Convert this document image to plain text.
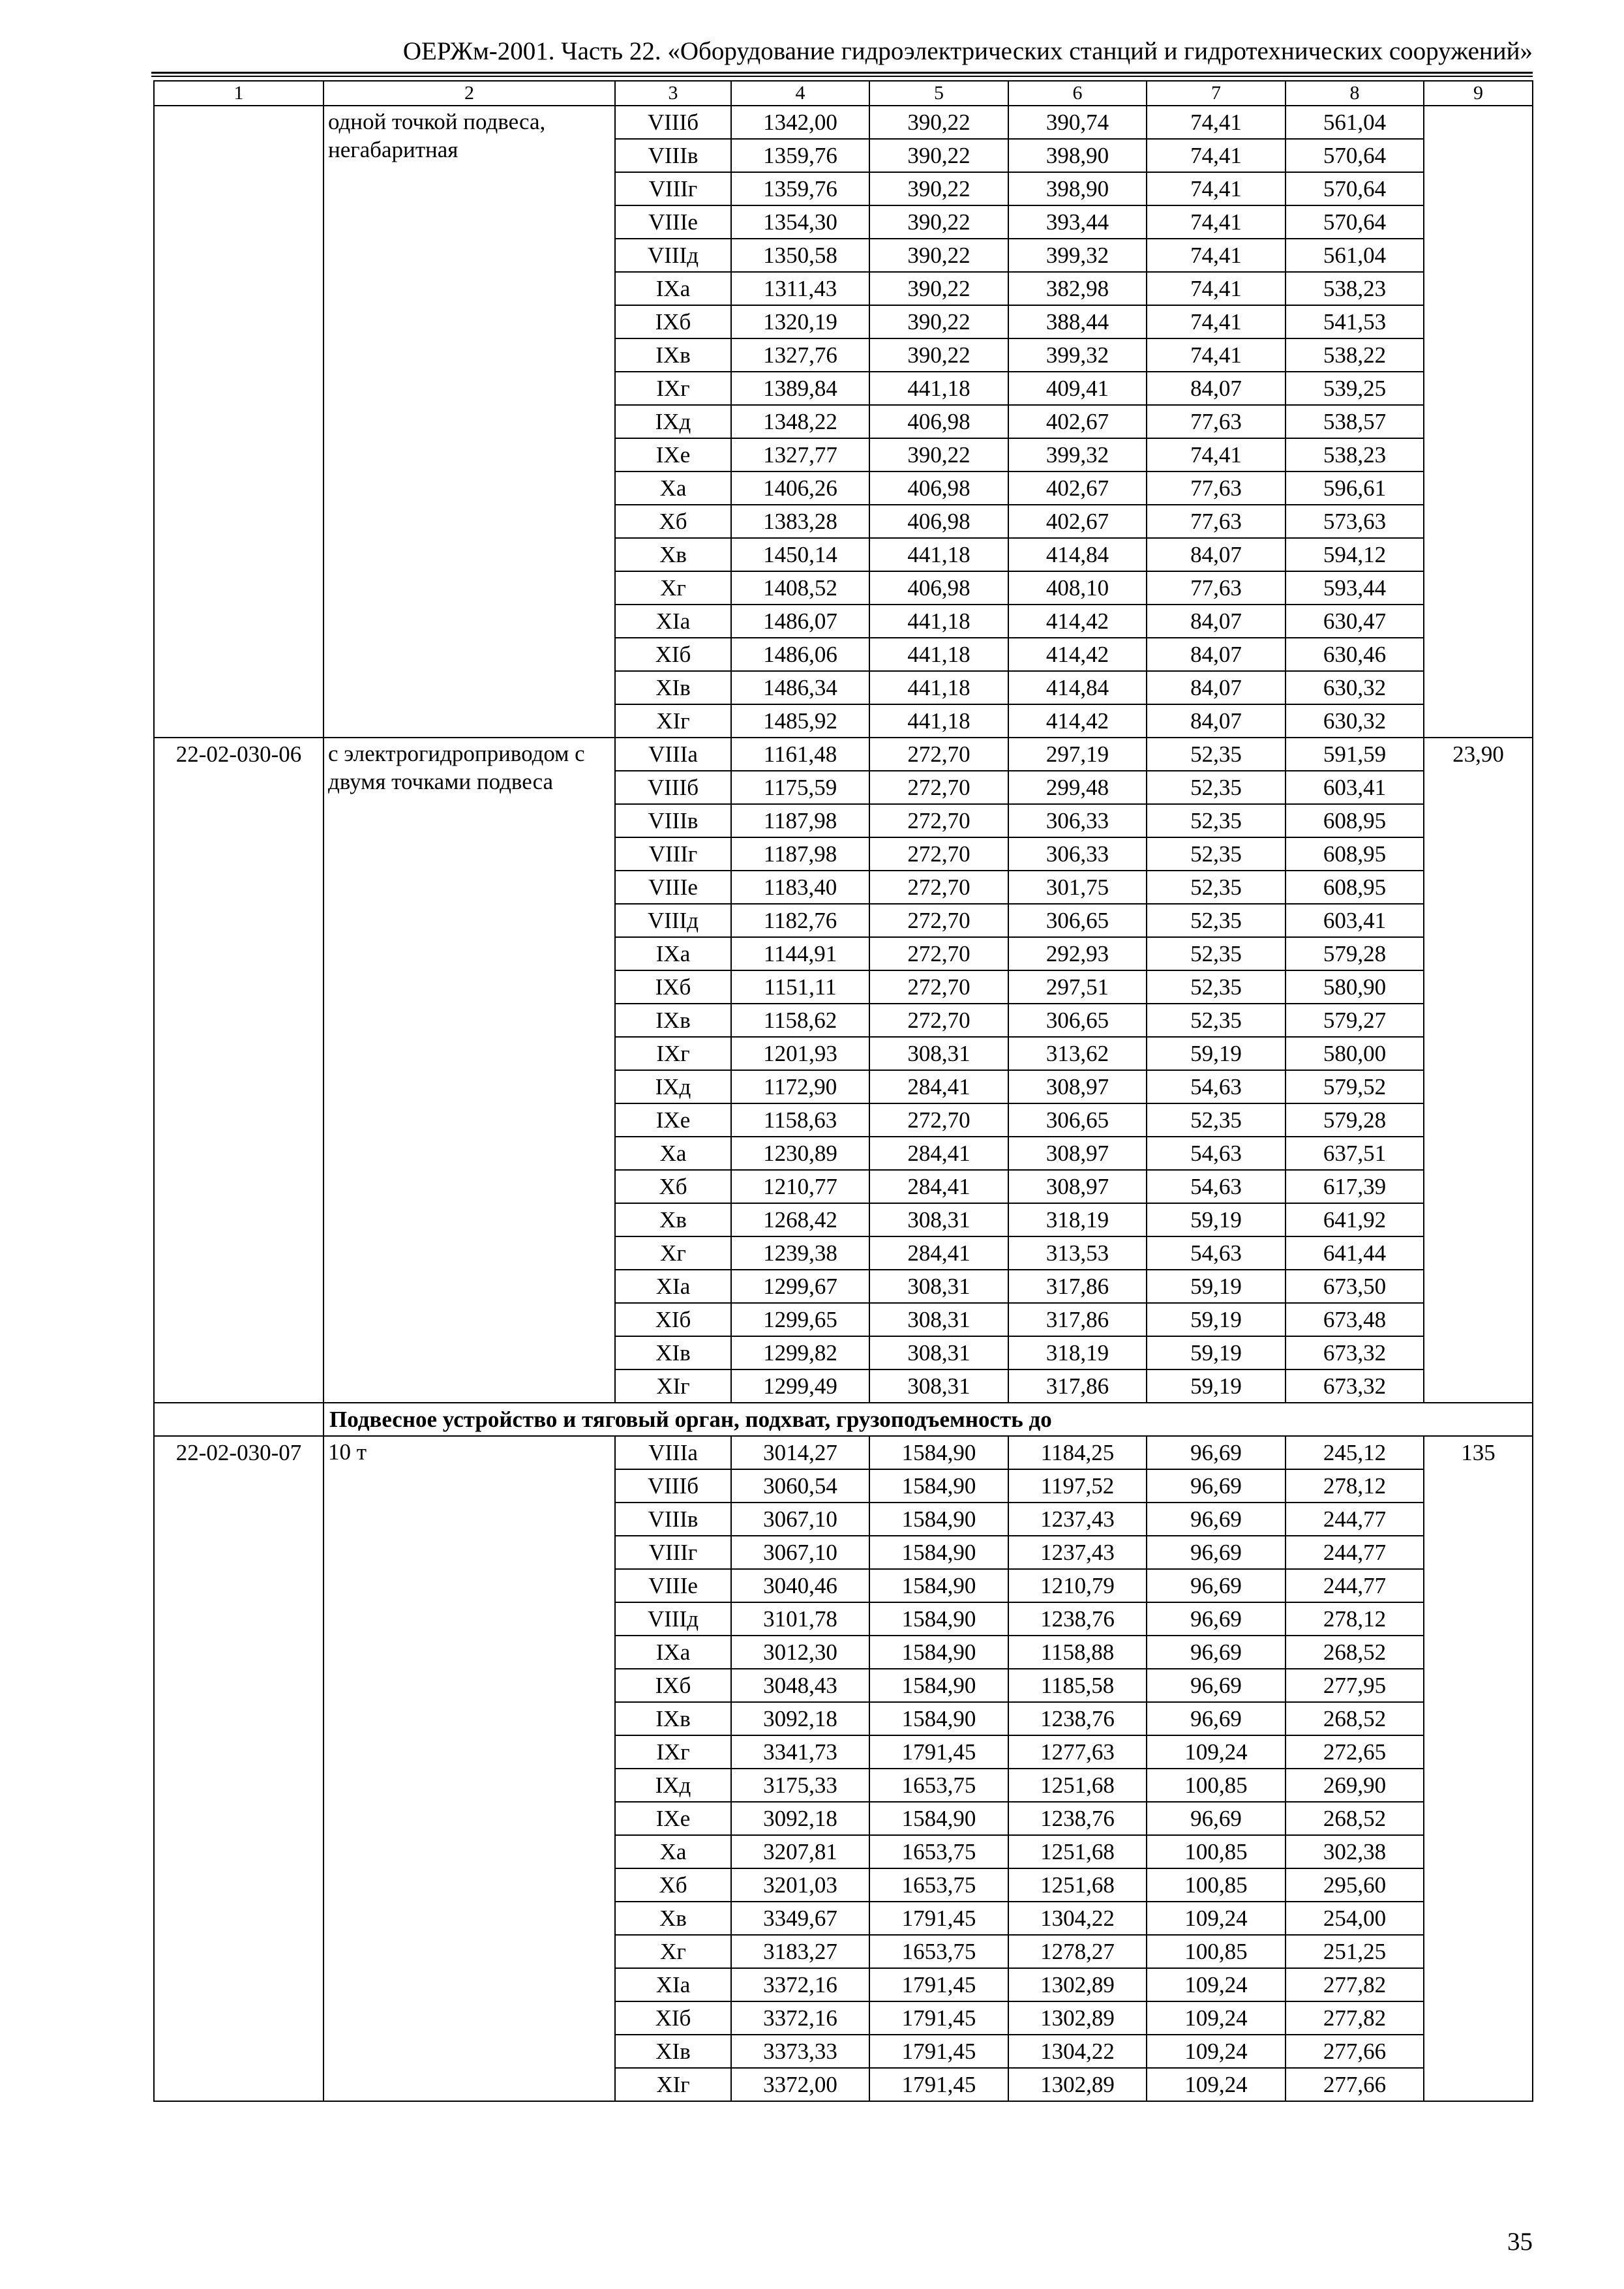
ОЕРЖм-2001. Часть 22. «Оборудование гидроэлектрических станций и гидротехнических сооружений»
1	2	3	4	5	6	7	8	9
	одной точкой подвеса, негабаритная	VIIIб	1342,00	390,22	390,74	74,41	561,04	
		VIIIв	1359,76	390,22	398,90	74,41	570,64	
		VIIIг	1359,76	390,22	398,90	74,41	570,64	
		VIIIе	1354,30	390,22	393,44	74,41	570,64	
		VIIIд	1350,58	390,22	399,32	74,41	561,04	
		IXа	1311,43	390,22	382,98	74,41	538,23	
		IXб	1320,19	390,22	388,44	74,41	541,53	
		IXв	1327,76	390,22	399,32	74,41	538,22	
		IXг	1389,84	441,18	409,41	84,07	539,25	
		IXд	1348,22	406,98	402,67	77,63	538,57	
		IXе	1327,77	390,22	399,32	74,41	538,23	
		Xа	1406,26	406,98	402,67	77,63	596,61	
		Xб	1383,28	406,98	402,67	77,63	573,63	
		Xв	1450,14	441,18	414,84	84,07	594,12	
		Xг	1408,52	406,98	408,10	77,63	593,44	
		XIа	1486,07	441,18	414,42	84,07	630,47	
		XIб	1486,06	441,18	414,42	84,07	630,46	
		XIв	1486,34	441,18	414,84	84,07	630,32	
		XIг	1485,92	441,18	414,42	84,07	630,32	
22-02-030-06	с электрогидроприводом с двумя точками подвеса	VIIIа	1161,48	272,70	297,19	52,35	591,59	23,90
		VIIIб	1175,59	272,70	299,48	52,35	603,41	
		VIIIв	1187,98	272,70	306,33	52,35	608,95	
		VIIIг	1187,98	272,70	306,33	52,35	608,95	
		VIIIе	1183,40	272,70	301,75	52,35	608,95	
		VIIIд	1182,76	272,70	306,65	52,35	603,41	
		IXа	1144,91	272,70	292,93	52,35	579,28	
		IXб	1151,11	272,70	297,51	52,35	580,90	
		IXв	1158,62	272,70	306,65	52,35	579,27	
		IXг	1201,93	308,31	313,62	59,19	580,00	
		IXд	1172,90	284,41	308,97	54,63	579,52	
		IXе	1158,63	272,70	306,65	52,35	579,28	
		Xа	1230,89	284,41	308,97	54,63	637,51	
		Xб	1210,77	284,41	308,97	54,63	617,39	
		Xв	1268,42	308,31	318,19	59,19	641,92	
		Xг	1239,38	284,41	313,53	54,63	641,44	
		XIа	1299,67	308,31	317,86	59,19	673,50	
		XIб	1299,65	308,31	317,86	59,19	673,48	
		XIв	1299,82	308,31	318,19	59,19	673,32	
		XIг	1299,49	308,31	317,86	59,19	673,32	
	Подвесное устройство и тяговый орган, подхват, грузоподъемность до							
22-02-030-07	10 т	VIIIа	3014,27	1584,90	1184,25	96,69	245,12	135
		VIIIб	3060,54	1584,90	1197,52	96,69	278,12	
		VIIIв	3067,10	1584,90	1237,43	96,69	244,77	
		VIIIг	3067,10	1584,90	1237,43	96,69	244,77	
		VIIIе	3040,46	1584,90	1210,79	96,69	244,77	
		VIIIд	3101,78	1584,90	1238,76	96,69	278,12	
		IXа	3012,30	1584,90	1158,88	96,69	268,52	
		IXб	3048,43	1584,90	1185,58	96,69	277,95	
		IXв	3092,18	1584,90	1238,76	96,69	268,52	
		IXг	3341,73	1791,45	1277,63	109,24	272,65	
		IXд	3175,33	1653,75	1251,68	100,85	269,90	
		IXе	3092,18	1584,90	1238,76	96,69	268,52	
		Xа	3207,81	1653,75	1251,68	100,85	302,38	
		Xб	3201,03	1653,75	1251,68	100,85	295,60	
		Xв	3349,67	1791,45	1304,22	109,24	254,00	
		Xг	3183,27	1653,75	1278,27	100,85	251,25	
		XIа	3372,16	1791,45	1302,89	109,24	277,82	
		XIб	3372,16	1791,45	1302,89	109,24	277,82	
		XIв	3373,33	1791,45	1304,22	109,24	277,66	
		XIг	3372,00	1791,45	1302,89	109,24	277,66	
35
